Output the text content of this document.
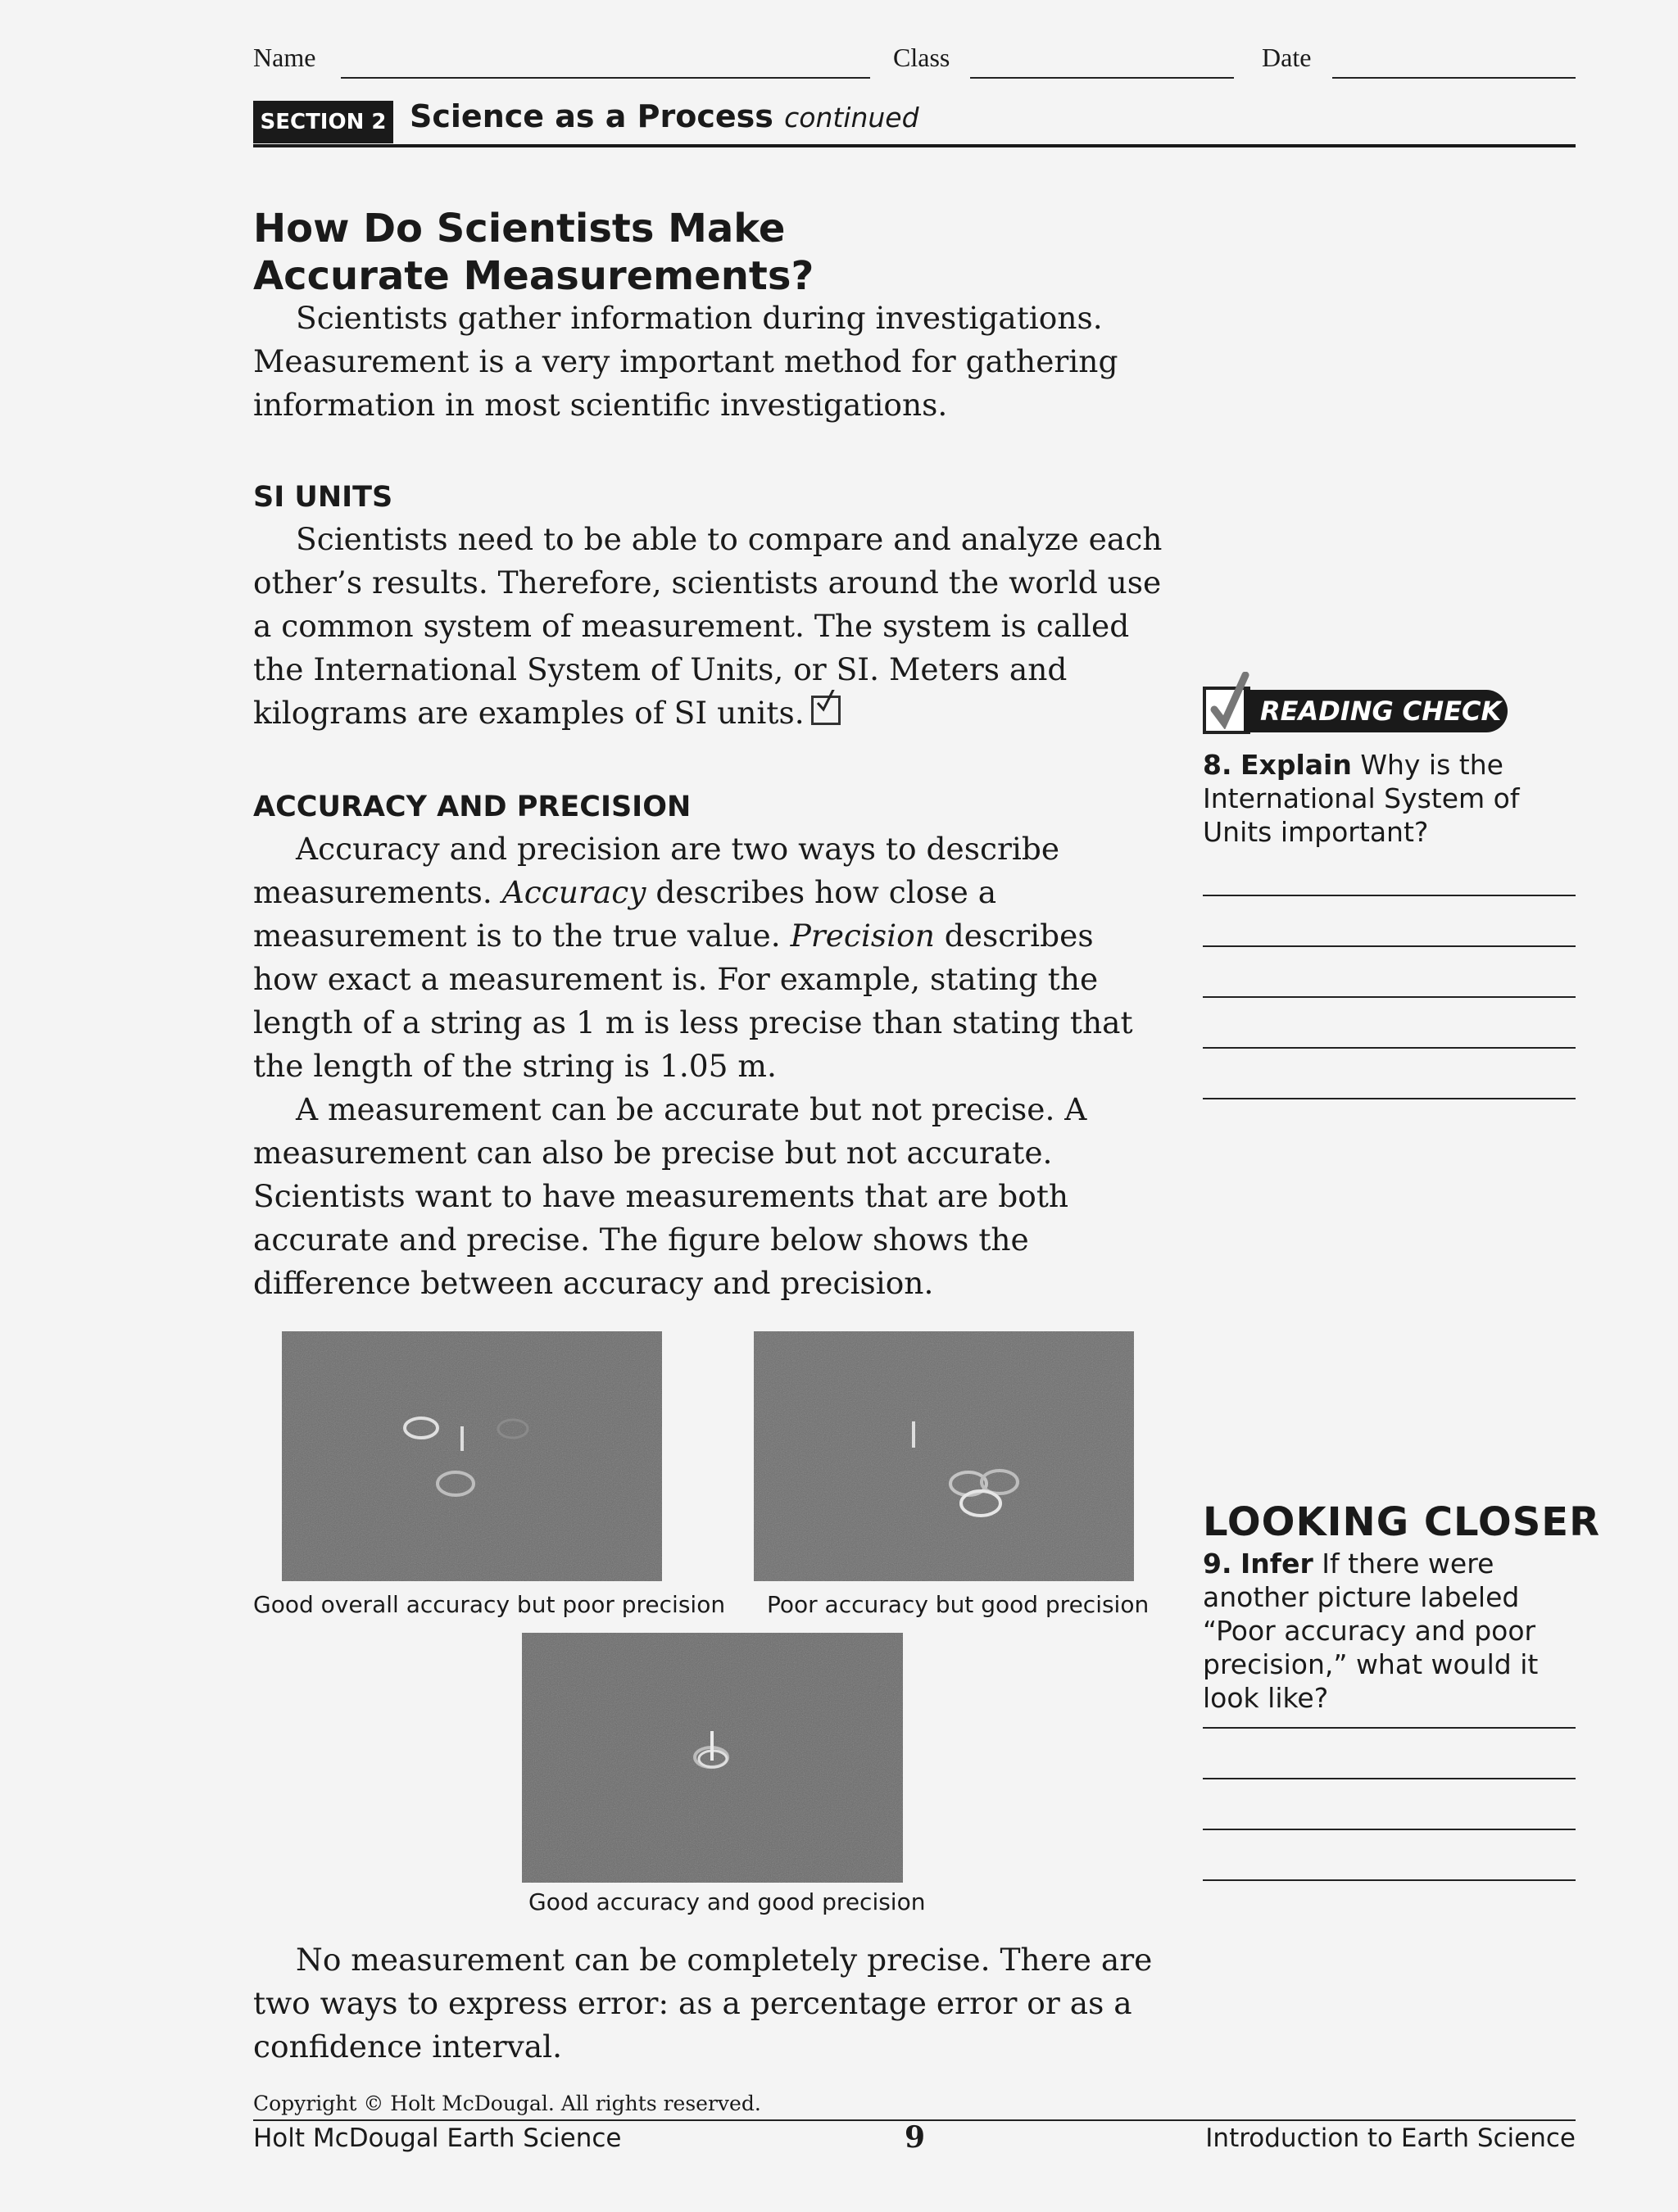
Name	Class	Date
SECTION 2 Science as a Process continued
How Do Scientists Make Accurate Measurements?

Scientists gather information during investigations. Measurement is a very important method for gathering information in most scientific investigations.

SI UNITS

Scientists need to be able to compare and analyze each other’s results. Therefore, scientists around the world use a common system of measurement. The system is called the International System of Units, or SI. Meters and kilograms are examples of SI units.

ACCURACY AND PRECISION

Accuracy and precision are two ways to describe measurements. Accuracy describes how close a measurement is to the true value. Precision describes how exact a measurement is. For example, stating the length of a string as 1 m is less precise than stating that the length of the string is 1.05 m.

A measurement can be accurate but not precise. A measurement can also be precise but not accurate. Scientists want to have measurements that are both accurate and precise. The figure below shows the difference between accuracy and precision.

Good overall accuracy but poor precision Poor accuracy but good precision
Good accuracy and good precision

No measurement can be completely precise. There are two ways to express error: as a percentage error or as a confidence interval.

READING CHECK
8. Explain Why is the International System of Units important?
LOOKING CLOSER
9. Infer If there were another picture labeled “Poor accuracy and poor precision,” what would it look like?
Copyright © Holt McDougal. All rights reserved.
Holt McDougal Earth Science	9	Introduction to Earth Science
